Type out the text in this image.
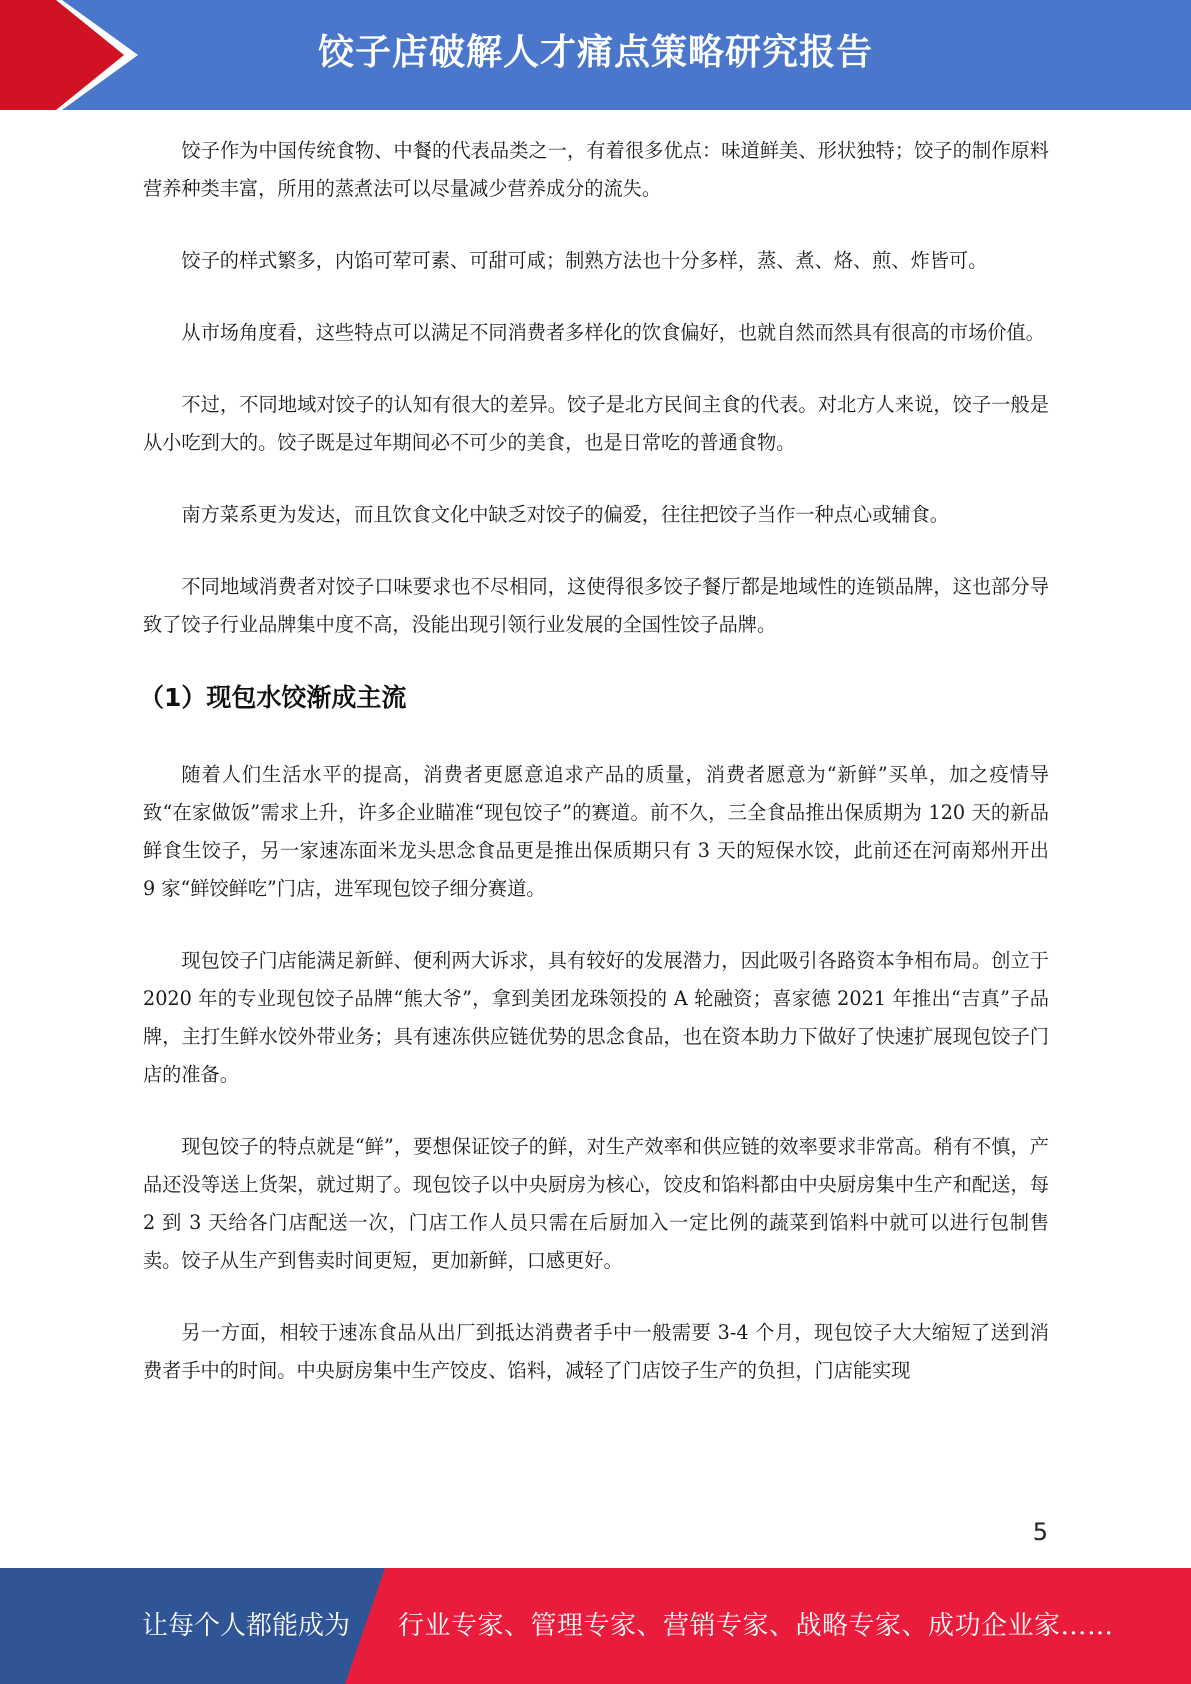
饺子店破解人才痛点策略研究报告

饺子作为中国传统食物、中餐的代表品类之一，有着很多优点：味道鲜美、形状独特；饺子的制作原料营养种类丰富，所用的蒸煮法可以尽量减少营养成分的流失。

饺子的样式繁多，内馅可荤可素、可甜可咸；制熟方法也十分多样，蒸、煮、烙、煎、炸皆可。

从市场角度看，这些特点可以满足不同消费者多样化的饮食偏好，也就自然而然具有很高的市场价值。

不过，不同地域对饺子的认知有很大的差异。饺子是北方民间主食的代表。对北方人来说，饺子一般是从小吃到大的。饺子既是过年期间必不可少的美食，也是日常吃的普通食物。

南方菜系更为发达，而且饮食文化中缺乏对饺子的偏爱，往往把饺子当作一种点心或辅食。

不同地域消费者对饺子口味要求也不尽相同，这使得很多饺子餐厅都是地域性的连锁品牌，这也部分导致了饺子行业品牌集中度不高，没能出现引领行业发展的全国性饺子品牌。

（1）现包水饺渐成主流

随着人们生活水平的提高，消费者更愿意追求产品的质量，消费者愿意为“新鲜”买单，加之疫情导致“在家做饭”需求上升，许多企业瞄准“现包饺子”的赛道。前不久，三全食品推出保质期为 120 天的新品鲜食生饺子，另一家速冻面米龙头思念食品更是推出保质期只有 3 天的短保水饺，此前还在河南郑州开出 9 家“鲜饺鲜吃”门店，进军现包饺子细分赛道。

现包饺子门店能满足新鲜、便利两大诉求，具有较好的发展潜力，因此吸引各路资本争相布局。创立于 2020 年的专业现包饺子品牌“熊大爷”，拿到美团龙珠领投的 A 轮融资；喜家德 2021 年推出“吉真”子品牌，主打生鲜水饺外带业务；具有速冻供应链优势的思念食品，也在资本助力下做好了快速扩展现包饺子门店的准备。

现包饺子的特点就是“鲜”，要想保证饺子的鲜，对生产效率和供应链的效率要求非常高。稍有不慎，产品还没等送上货架，就过期了。现包饺子以中央厨房为核心，饺皮和馅料都由中央厨房集中生产和配送，每 2 到 3 天给各门店配送一次，门店工作人员只需在后厨加入一定比例的蔬菜到馅料中就可以进行包制售卖。饺子从生产到售卖时间更短，更加新鲜，口感更好。

另一方面，相较于速冻食品从出厂到抵达消费者手中一般需要 3-4 个月，现包饺子大大缩短了送到消费者手中的时间。中央厨房集中生产饺皮、馅料，减轻了门店饺子生产的负担，门店能实现

5
让每个人都能成为 行业专家、管理专家、营销专家、战略专家、成功企业家……
